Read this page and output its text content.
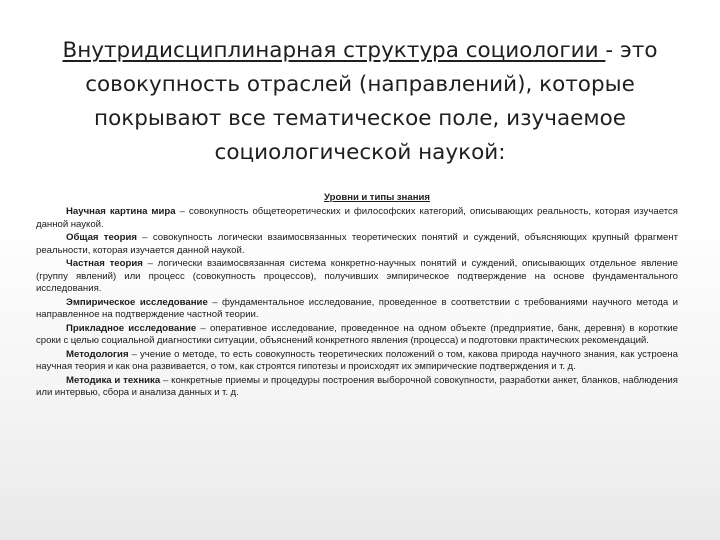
Внутридисциплинарная структура социологии - это совокупность отраслей (направлений), которые покрывают все тематическое поле, изучаемое социологической наукой:
Уровни и типы знания

Научная картина мира – совокупность общетеоретических и философских категорий, описывающих реальность, которая изучается данной наукой.

Общая теория – совокупность логически взаимосвязанных теоретических понятий и суждений, объясняющих крупный фрагмент реальности, которая изучается данной наукой.

Частная теория – логически взаимосвязанная система конкретно-научных понятий и суждений, описывающих отдельное явление (группу явлений) или процесс (совокупность процессов), получивших эмпирическое подтверждение на основе фундаментального исследования.

Эмпирическое исследование – фундаментальное исследование, проведенное в соответствии с требованиями научного метода и направленное на подтверждение частной теории.

Прикладное исследование – оперативное исследование, проведенное на одном объекте (предприятие, банк, деревня) в короткие сроки с целью социальной диагностики ситуации, объяснений конкретного явления (процесса) и подготовки практических рекомендаций.

Методология – учение о методе, то есть совокупность теоретических положений о том, какова природа научного знания, как устроена научная теория и как она развивается, о том, как строятся гипотезы и происходят их эмпирические подтверждения и т. д.

Методика и техника – конкретные приемы и процедуры построения выборочной совокупности, разработки анкет, бланков, наблюдения или интервью, сбора и анализа данных и т. д.
